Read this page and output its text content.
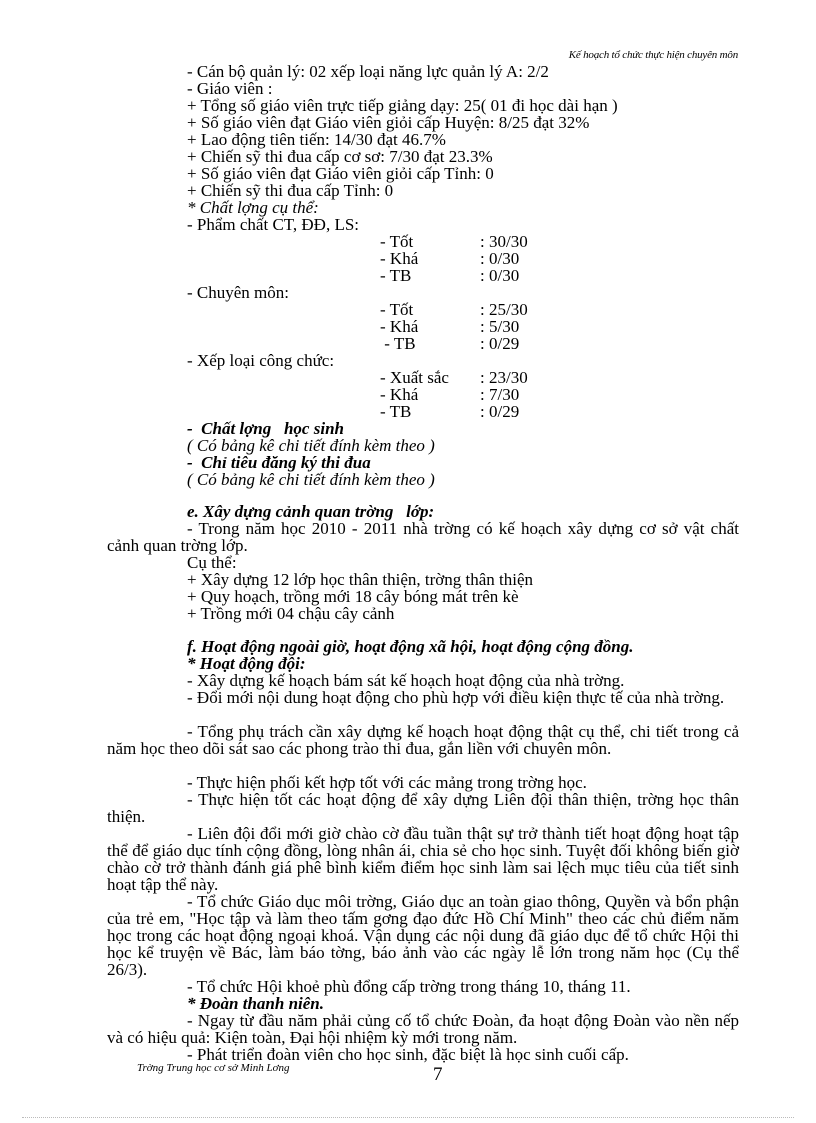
Kế hoạch tổ chức thực hiện chuyên môn
- Cán bộ quản lý: 02 xếp loại năng lực quản lý A: 2/2
- Giáo viên :
+ Tổng số giáo viên trực tiếp giảng dạy: 25( 01 đi học dài hạn )
+ Số giáo viên đạt Giáo viên giỏi cấp Huyện: 8/25 đạt 32%
+ Lao động tiên tiến: 14/30 đạt 46.7%
+ Chiến sỹ thi đua cấp cơ sơ: 7/30 đạt 23.3%
+ Số giáo viên đạt Giáo viên giỏi cấp Tỉnh: 0
+ Chiến sỹ thi đua cấp Tỉnh: 0
* Chất lợng cụ thể:
- Phẩm chất CT, ĐĐ, LS:
- Tốt	: 30/30
- Khá	: 0/30
- TB	: 0/30
- Chuyên môn:
- Tốt	: 25/30
- Khá	: 5/30
- TB	: 0/29
- Xếp loại công chức:
- Xuất sắc : 23/30
- Khá	: 7/30
- TB	: 0/29
-  Chất lợng   học sinh
( Có bảng kê chi tiết đính kèm theo )
-  Chỉ tiêu đăng ký thi đua
( Có bảng kê chi tiết đính kèm theo )
e. Xây dựng cảnh quan trờng   lớp:
- Trong năm học 2010 - 2011 nhà trờng có kế hoạch xây dựng cơ sở vật chất cảnh quan trờng lớp.
Cụ thể:
+ Xây dựng 12 lớp học thân thiện, trờng thân thiện
+ Quy hoạch, trồng mới 18 cây bóng mát trên kè
+ Trồng mới 04 chậu cây cảnh
f. Hoạt động ngoài giờ, hoạt động xã hội, hoạt động cộng đồng.
* Hoạt động đội:
- Xây dựng kế hoạch bám sát kế hoạch hoạt động của nhà trờng.
- Đổi mới nội dung hoạt động cho phù hợp với điều kiện thực tế của nhà trờng.
- Tổng phụ trách cần xây dựng kế hoạch hoạt động thật cụ thể, chi tiết trong cả năm học theo dõi sát sao các phong trào thi đua, gắn liền với chuyên môn.
- Thực hiện phối kết hợp tốt với các mảng trong trờng học.
- Thực hiện tốt các hoạt động để xây dựng Liên đội thân thiện, trờng học thân thiện.
- Liên đội đổi mới giờ chào cờ đầu tuần thật sự trở thành tiết hoạt động hoạt tập thể để giáo dục tính cộng đồng, lòng nhân ái, chia sẻ cho học sinh. Tuyệt đối không biến giờ chào cờ trở thành đánh giá phê bình kiểm điểm học sinh làm sai lệch mục tiêu của tiết sinh hoạt tập thể này.
- Tổ chức Giáo dục môi trờng, Giáo dục an toàn giao thông, Quyền và bổn phận của trẻ em, "Học tập và làm theo tấm gơng đạo đức Hồ Chí Minh" theo các chủ điểm năm học trong các hoạt động ngoại khoá. Vận dụng các nội dung đã giáo dục để tổ chức Hội thi học kể truyện về Bác, làm báo tờng, báo ảnh vào các ngày lễ lớn trong năm học (Cụ thể 26/3).
- Tổ chức Hội khoẻ phù đổng cấp trờng trong tháng 10, tháng 11.
* Đoàn thanh niên.
- Ngay từ đầu năm phải củng cố tổ chức Đoàn, đa hoạt động Đoàn vào nền nếp và có hiệu quả: Kiện toàn, Đại hội nhiệm kỳ mới trong năm.
- Phát triển đoàn viên cho học sinh, đặc biệt là học sinh cuối cấp.
Trờng Trung học cơ sở Minh Lơng	7
